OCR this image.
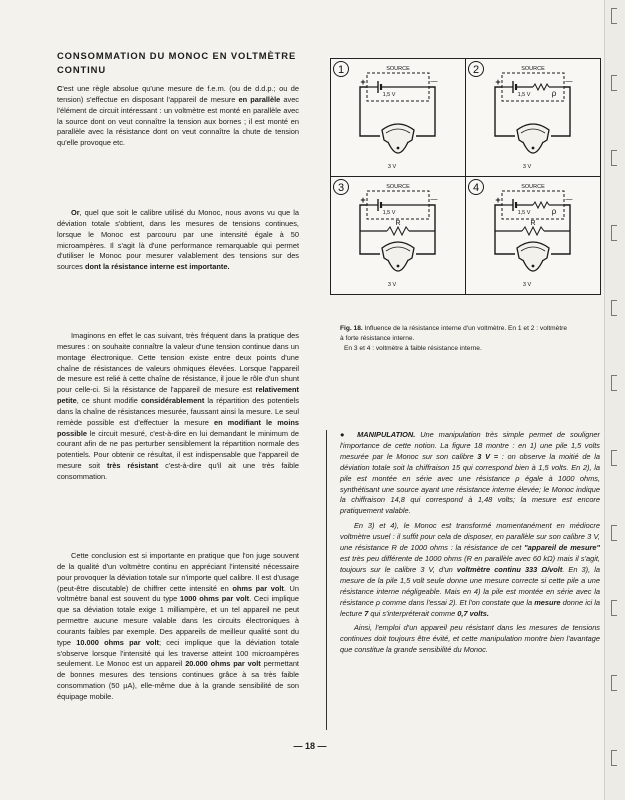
CONSOMMATION DU MONOC EN VOLTMÈTRE CONTINU

C'est une règle absolue qu'une mesure de f.e.m. (ou de d.d.p.; ou de tension) s'effectue en disposant l'appareil de mesure en parallèle avec l'élément de circuit intéressant : un voltmètre est monté en parallèle avec la source dont on veut connaître la tension aux bornes ; il est monté en parallèle avec la résistance dont on veut connaître la chute de tension qu'elle provoque etc.

Or, quel que soit le calibre utilisé du Monoc, nous avons vu que la déviation totale s'obtient, dans les mesures de tensions continues, lorsque le Monoc est parcouru par une intensité égale à 50 microampères. Il s'agit là d'une performance remarquable qui permet d'utiliser le Monoc pour mesurer valablement des tensions sur des sources dont la résistance interne est importante.

Imaginons en effet le cas suivant, très fréquent dans la pratique des mesures : on souhaite connaître la valeur d'une tension continue dans un montage électronique. Cette tension existe entre deux points d'une chaîne de résistances de valeurs ohmiques élevées. Lorsque l'appareil de mesure est relié à cette chaîne de résistance, il joue le rôle d'un shunt pour celle-ci. Si la résistance de l'appareil de mesure est relativement petite, ce shunt modifie considérablement la répartition des potentiels dans la chaîne de résistances mesurée, faussant ainsi la mesure. Le seul remède possible est d'effectuer la mesure en modifiant le moins possible le circuit mesuré, c'est-à-dire en lui demandant le minimum de courant afin de ne pas perturber sensiblement la répartition normale des potentiels. Pour obtenir ce résultat, il est indispensable que l'appareil de mesure soit très résistant c'est-à-dire qu'il ait une très faible consommation.

Cette conclusion est si importante en pratique que l'on juge souvent de la qualité d'un voltmètre continu en appréciant l'intensité nécessaire pour provoquer la déviation totale sur n'importe quel calibre. Il est d'usage (peut-être discutable) de chiffrer cette intensité en ohms par volt. Un voltmètre banal est souvent du type 1000 ohms par volt. Ceci implique que sa déviation totale exige 1 milliampère, et un tel appareil ne peut permettre aucune mesure valable dans les circuits électroniques à courants faibles par exemple. Des appareils de meilleur qualité sont du type 10.000 ohms par volt; ceci implique que la déviation totale s'observe lorsque l'intensité qui les traverse atteint 100 microampères seulement. Le Monoc est un appareil 20.000 ohms par volt permettant de bonnes mesures des tensions continues grâce à sa très faible consommation (50 µA), elle-même due à la grande sensibilité de son équipage mobile.

1	SOURCE
1,5 V
+	—
3 V
2	SOURCE
1,5 V	ρ
+	—
3 V
3	SOURCE
1,5 V
+	—
R
3 V
4	SOURCE
1,5 V	ρ
+	—
R
3 V

Fig. 18. Influence de la résistance interne d'un voltmètre. En 1 et 2 : voltmètre à forte résistance interne.
En 3 et 4 : voltmètre à faible résistance interne.

● MANIPULATION. Une manipulation très simple permet de souligner l'importance de cette notion. La figure 18 montre : en 1) une pile 1,5 volts mesurée par le Monoc sur son calibre 3 V = : on observe la moitié de la déviation totale soit la chiffraison 15 qui correspond bien à 1,5 volts. En 2), la pile est montée en série avec une résistance ρ égale à 1000 ohms, synthétisant une source ayant une résistance interne élevée; le Monoc indique la chiffraison 14,8 qui correspond à 1,48 volts; la mesure est encore pratiquement valable.

En 3) et 4), le Monoc est transformé momentanément en médiocre voltmètre usuel : il suffit pour cela de disposer, en parallèle sur son calibre 3 V, une résistance R de 1000 ohms : la résistance de cet "appareil de mesure" est très peu différente de 1000 ohms (R en parallèle avec 60 kΩ) mais il s'agit, toujours sur le calibre 3 V, d'un voltmètre continu 333 Ω/volt. En 3), la mesure de la pile 1,5 volt seule donne une mesure correcte si cette pile a une résistance interne négligeable. Mais en 4) la pile est montée en série avec la résistance ρ comme dans l'essai 2). Et l'on constate que la mesure donne ici la lecture 7 qui s'interpréterait comme 0,7 volts.

Ainsi, l'emploi d'un appareil peu résistant dans les mesures de tensions continues doit toujours être évité, et cette manipulation montre bien l'avantage que constitue la grande sensibilité du Monoc.

— 18 —
